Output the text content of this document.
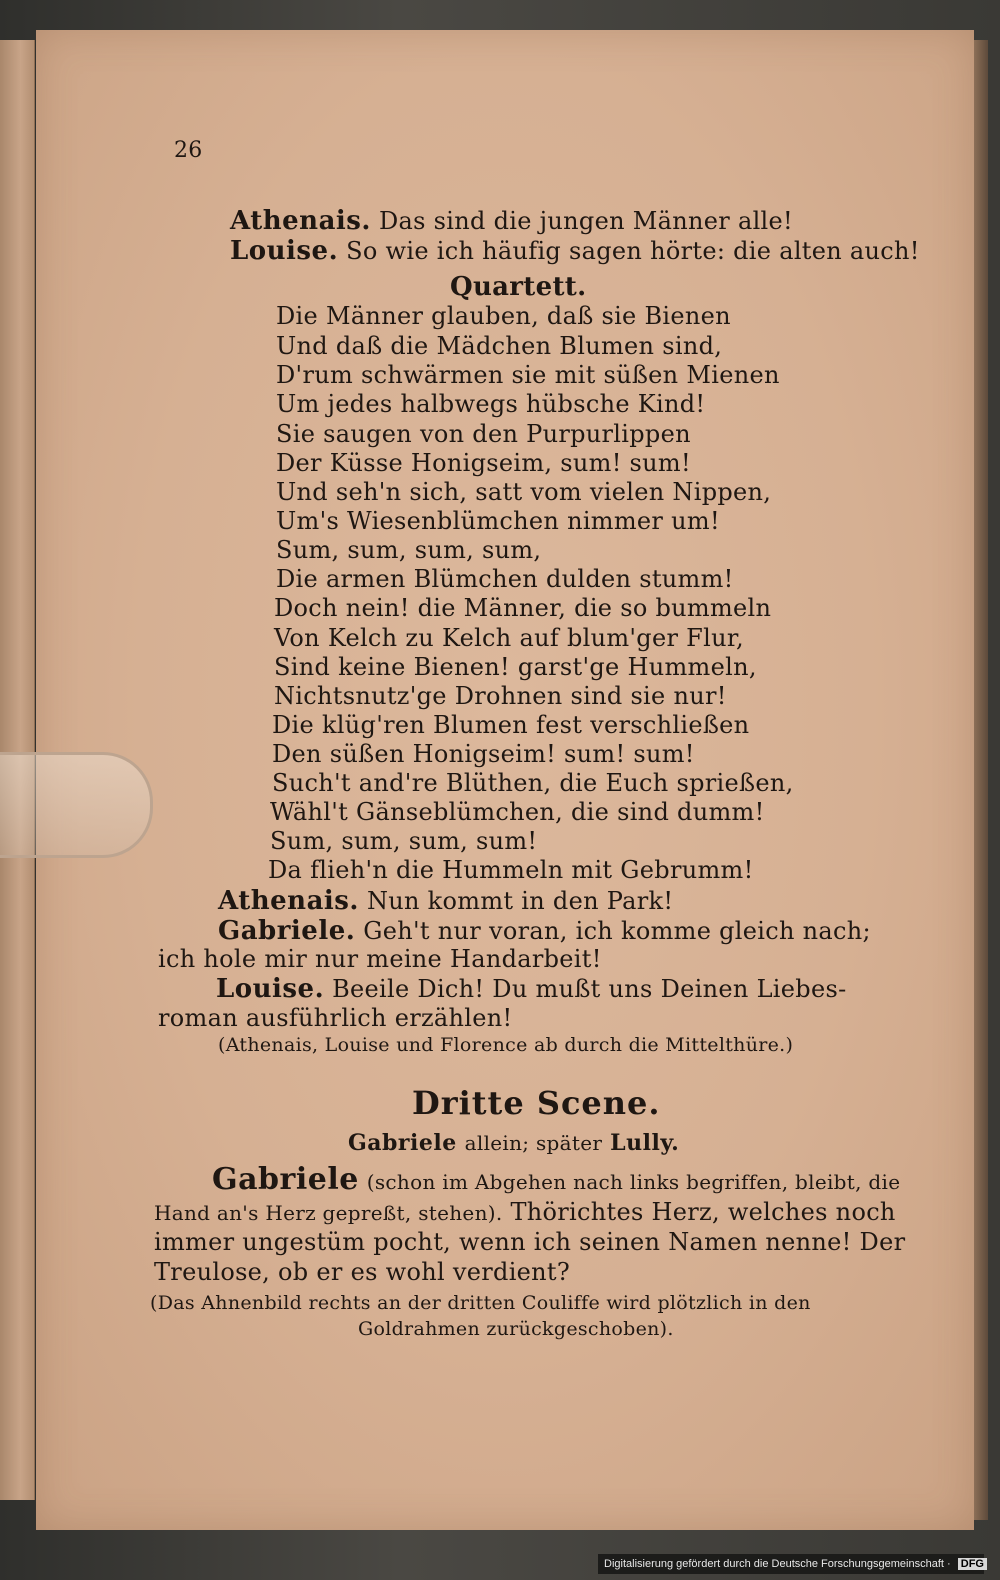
26
Athenais. Das sind die jungen Männer alle!
Louise. So wie ich häufig sagen hörte: die alten auch!
Quartett.
Die Männer glauben, daß sie Bienen
Und daß die Mädchen Blumen sind,
D'rum schwärmen sie mit süßen Mienen
Um jedes halbwegs hübsche Kind!
Sie saugen von den Purpurlippen
Der Küsse Honigseim, sum! sum!
Und seh'n sich, satt vom vielen Nippen,
Um's Wiesenblümchen nimmer um!
Sum, sum, sum, sum,
Die armen Blümchen dulden stumm!
Doch nein! die Männer, die so bummeln
Von Kelch zu Kelch auf blum'ger Flur,
Sind keine Bienen! garst'ge Hummeln,
Nichtsnutz'ge Drohnen sind sie nur!
Die klüg'ren Blumen fest verschließen
Den süßen Honigseim! sum! sum!
Such't and're Blüthen, die Euch sprießen,
Wähl't Gänseblümchen, die sind dumm!
Sum, sum, sum, sum!
Da flieh'n die Hummeln mit Gebrumm!
Athenais. Nun kommt in den Park!
Gabriele. Geh't nur voran, ich komme gleich nach;
ich hole mir nur meine Handarbeit!
Louise. Beeile Dich! Du mußt uns Deinen Liebes-
roman ausführlich erzählen!
(Athenais, Louise und Florence ab durch die Mittelthüre.)
Dritte Scene.
Gabriele allein; später Lully.
Gabriele (schon im Abgehen nach links begriffen, bleibt, die
Hand an's Herz gepreßt, stehen). Thörichtes Herz, welches noch
immer ungestüm pocht, wenn ich seinen Namen nenne! Der
Treulose, ob er es wohl verdient?
(Das Ahnenbild rechts an der dritten Couliffe wird plötzlich in den
Goldrahmen zurückgeschoben).
Digitalisierung gefördert durch die Deutsche Forschungsgemeinschaft · DFG
